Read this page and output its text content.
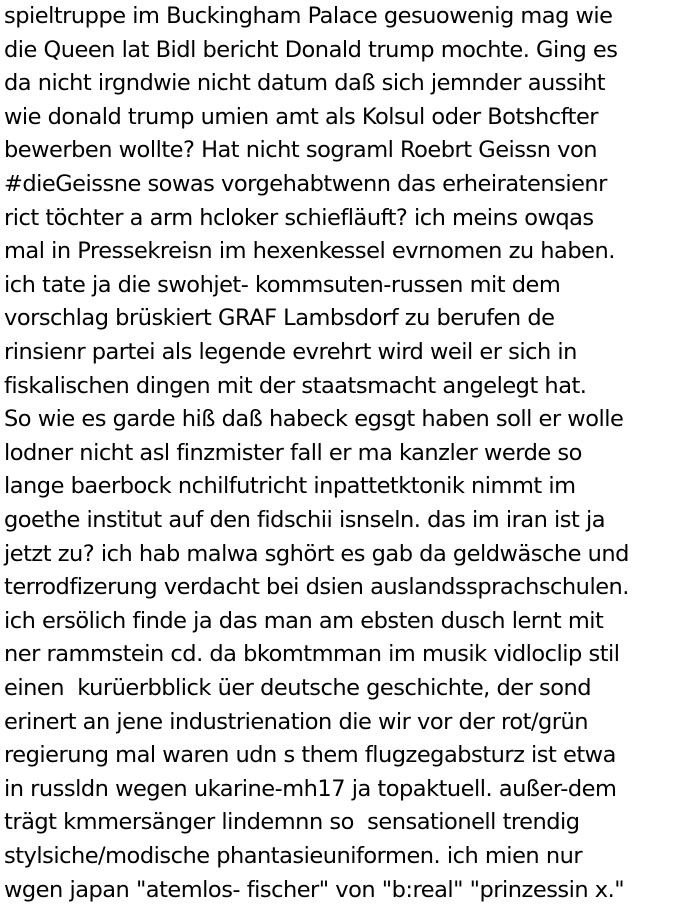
spieltruppe im Buckingham Palace gesuowenig mag wie
die Queen lat Bidl bericht Donald trump mochte. Ging es
da nicht irgndwie nicht datum daß sich jemnder aussiht
wie donald trump umien amt als Kolsul oder Botshcfter
bewerben wollte? Hat nicht sograml Roebrt Geissn von
#dieGeissne sowas vorgehabtwenn das erheiratensienr
rict töchter a arm hcloker schiefläuft? ich meins owqas
mal in Pressekreisn im hexenkessel evrnomen zu haben.
ich tate ja die swohjet- kommsuten-russen mit dem
vorschlag brüskiert GRAF Lambsdorf zu berufen de
rinsienr partei als legende evrehrt wird weil er sich in
fiskalischen dingen mit der staatsmacht angelegt hat.
So wie es garde hiß daß habeck egsgt haben soll er wolle
lodner nicht asl finzmister fall er ma kanzler werde so
lange baerbock nchilfutricht inpattetktonik nimmt im
goethe institut auf den fidschii isnseln. das im iran ist ja
jetzt zu? ich hab malwa sghört es gab da geldwäsche und
terrodfizerung verdacht bei dsien auslandssprachschulen.
ich ersölich finde ja das man am ebsten dusch lernt mit
ner rammstein cd. da bkomtmman im musik vidloclip stil
einen  kurüerbblick üer deutsche geschichte, der sond
erinert an jene industrienation die wir vor der rot/grün
regierung mal waren udn s them flugzegabsturz ist etwa
in russldn wegen ukarine-mh17 ja topaktuell. außer-dem
trägt kmmersänger lindemnn so  sensationell trendig
stylsiche/modische phantasieuniformen. ich mien nur
wgen japan "atemlos- fischer" von "b:real" "prinzessin x."
